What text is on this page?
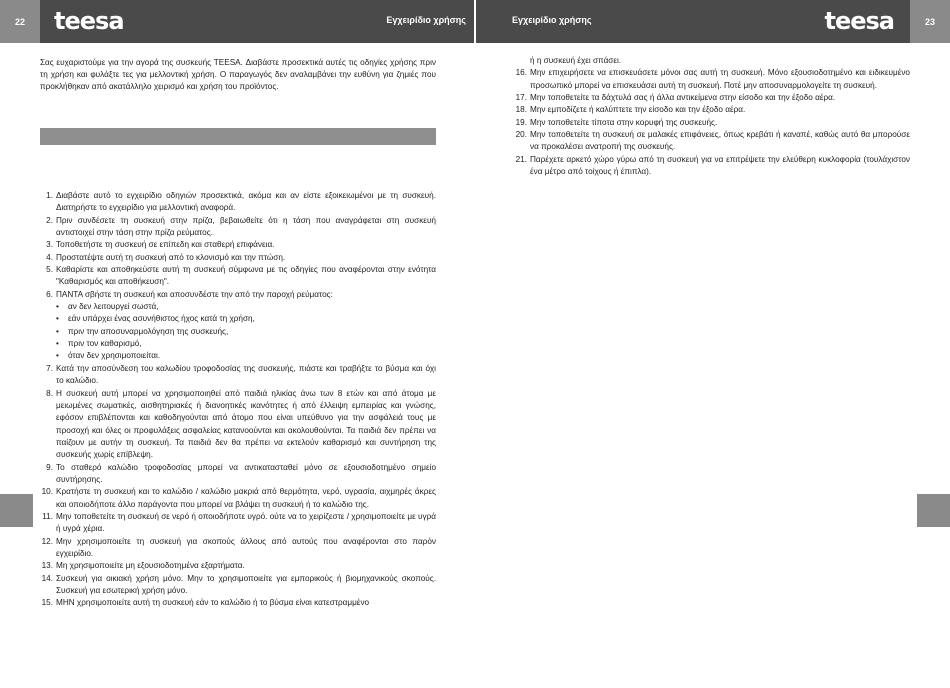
22	teesa	Εγχειρίδιο χρήσης	Εγχειρίδιο χρήσης	teesa	23

Σας ευχαριστούμε για την αγορά της συσκευής TEESA. Διαβάστε προσεκτικά αυτές τις οδηγίες χρήσης πριν τη χρήση και φυλάξτε τες για μελλοντική χρήση. Ο παραγωγός δεν αναλαμβάνει την ευθύνη για ζημιές που προκλήθηκαν από ακατάλληλο χειρισμό και χρήση του προϊόντος.

1. Διαβάστε αυτό το εγχειρίδιο οδηγιών προσεκτικά, ακόμα και αν είστε εξοικειωμένοι με τη συσκευή. Διατηρήστε το εγχειρίδιο για μελλοντική αναφορά.
2. Πριν συνδέσετε τη συσκευή στην πρίζα, βεβαιωθείτε ότι η τάση που αναγράφεται στη συσκευή αντιστοιχεί στην τάση στην πρίζα ρεύματος.
3. Τοποθετήστε τη συσκευή σε επίπεδη και σταθερή επιφάνεια.
4. Προστατέψτε αυτή τη συσκευή από το κλονισμό και την πτώση.
5. Καθαρίστε και αποθηκεύστε αυτή τη συσκευή σύμφωνα με τις οδηγίες που αναφέρονται στην ενότητα "Καθαρισμός και αποθήκευση".
6. ΠΑΝΤΑ σβήστε τη συσκευή και αποσυνδέστε την από την παροχή ρεύματος:
• αν δεν λειτουργεί σωστά,
• εάν υπάρχει ένας ασυνήθιστος ήχος κατά τη χρήση,
• πριν την αποσυναρμολόγηση της συσκευής,
• πριν τον καθαρισμό,
• όταν δεν χρησιμοποιείται.
7. Κατά την αποσύνδεση του καλωδίου τροφοδοσίας της συσκευής, πιάστε και τραβήξτε το βύσμα και όχι το καλώδιο.
8. Η συσκευή αυτή μπορεί να χρησιμοποιηθεί από παιδιά ηλικίας άνω των 8 ετών και από άτομα με μειωμένες σωματικές, αισθητηριακές ή διανοητικές ικανότητες ή από έλλειψη εμπειρίας και γνώσης, εφόσον επιβλέπονται και καθοδηγούνται από άτομο που είναι υπεύθυνο για την ασφάλειά τους με προσοχή και όλες οι προφυλάξεις ασφαλείας κατανοούνται και ακολουθούνται. Τα παιδιά δεν πρέπει να παίζουν με αυτήν τη συσκευή. Τα παιδιά δεν θα πρέπει να εκτελούν καθαρισμό και συντήρηση της συσκευής χωρίς επίβλεψη.
9. Το σταθερό καλώδιο τροφοδοσίας μπορεί να αντικατασταθεί μόνο σε εξουσιοδοτημένο σημείο συντήρησης.
10. Κρατήστε τη συσκευή και το καλώδιο / καλώδιο μακριά από θερμότητα, νερό, υγρασία, αιχμηρές άκρες και οποιοδήποτε άλλο παράγοντα που μπορεί να βλάψει τη συσκευή ή το καλώδιο της.
11. Μην τοποθετείτε τη συσκευή σε νερό ή οποιοδήποτε υγρό. ούτε να το χειρίζεστε / χρησιμοποιείτε με υγρά ή υγρά χέρια.
12. Μην χρησιμοποιείτε τη συσκευή για σκοπούς άλλους από αυτούς που αναφέρονται στο παρόν εγχειρίδιο.
13. Μη χρησιμοποιείτε μη εξουσιοδοτημένα εξαρτήματα.
14. Συσκευή για οικιακή χρήση μόνο. Μην το χρησιμοποιείτε για εμπορικούς ή βιομηχανικούς σκοπούς. Συσκευή για εσωτερική χρήση μόνο.
15. ΜΗΝ χρησιμοποιείτε αυτή τη συσκευή εάν το καλώδιο ή το βύσμα είναι κατεστραμμένο
ή η συσκευή έχει σπάσει.
16. Μην επιχειρήσετε να επισκευάσετε μόνοι σας αυτή τη συσκευή. Μόνο εξουσιοδοτημένο και ειδικευμένο προσωπικό μπορεί να επισκευάσει αυτή τη συσκευή. Ποτέ μην αποσυναρμολογείτε τη συσκευή.
17. Μην τοποθετείτε τα δάχτυλά σας ή άλλα αντικείμενα στην είσοδο και την έξοδο αέρα.
18. Μην εμποδίζετε ή καλύπτετε την είσοδο και την έξοδο αέρα.
19. Μην τοποθετείτε τίποτα στην κορυφή της συσκευής.
20. Μην τοποθετείτε τη συσκευή σε μαλακές επιφάνειες, όπως κρεβάτι ή καναπέ, καθώς αυτό θα μπορούσε να προκαλέσει ανατροπή της συσκευής.
21. Παρέχετε αρκετό χώρο γύρω από τη συσκευή για να επιτρέψετε την ελεύθερη κυκλοφορία (τουλάχιστον ένα μέτρο από τοίχους ή έπιπλα).
